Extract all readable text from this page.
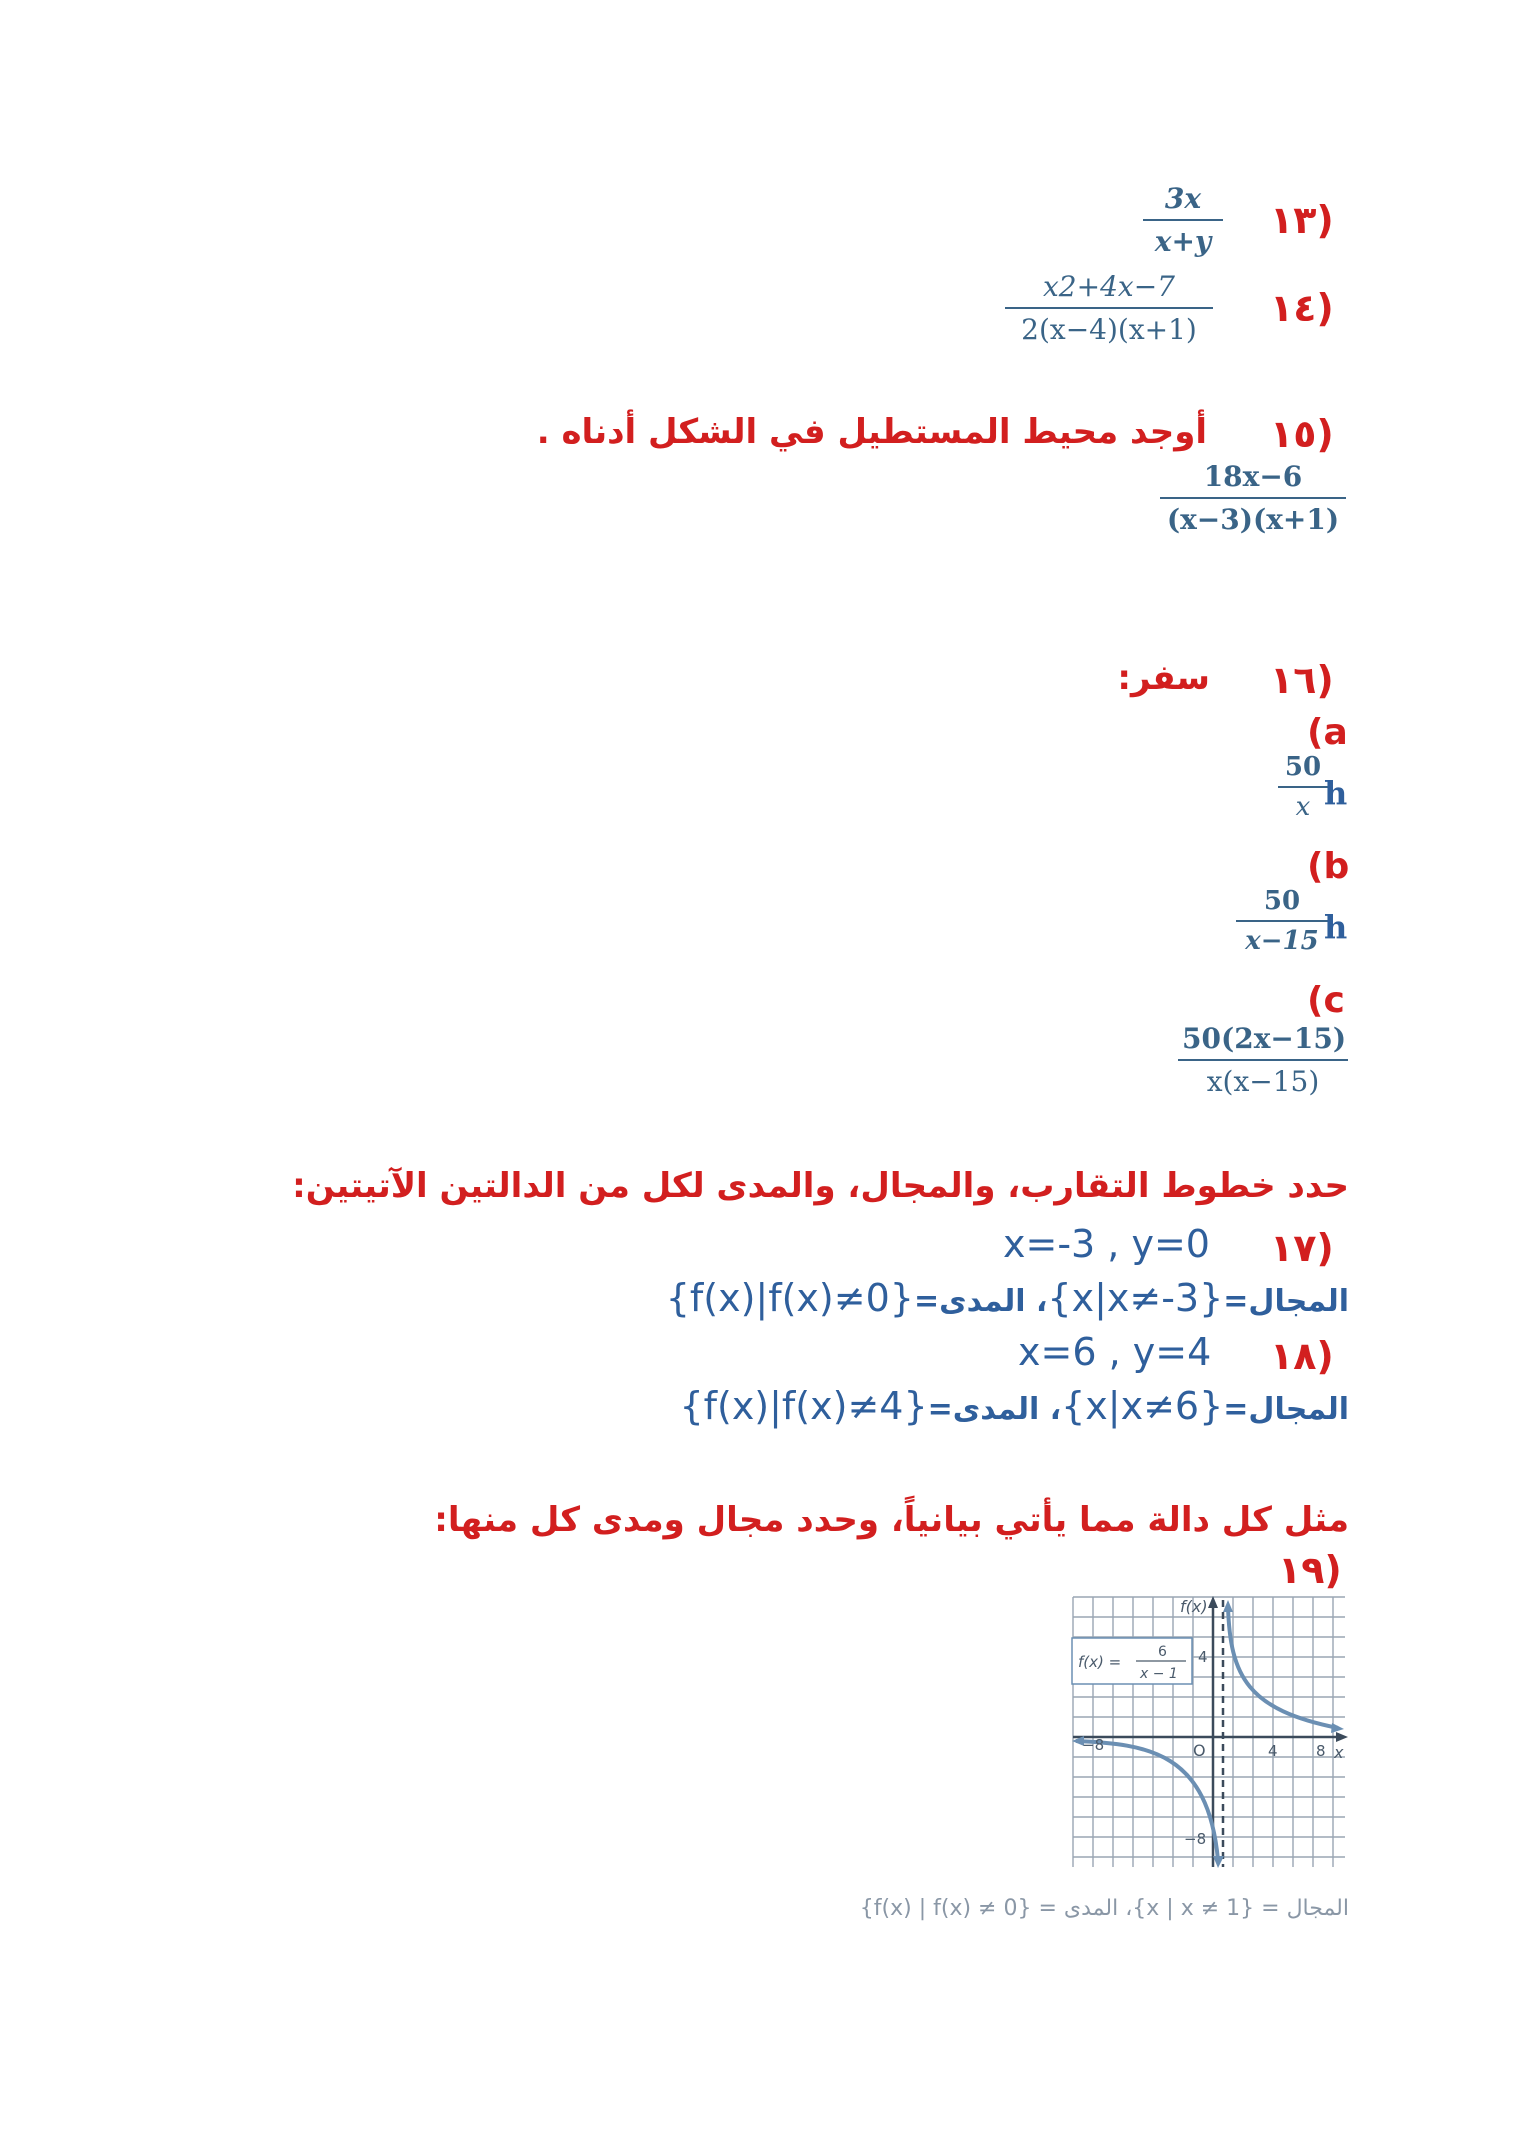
(١٣
$\frac{3x}{x+y}$
(١٤
$\frac{x2+4x-7}{2(x-4)(x+1)}$
(١٥
أوجد محيط المستطيل في الشكل أدناه .
$\frac{18x-6}{(x-3)(x+1)}$
(١٦
سفر:
(a
$\frac{50}{x}$
h
(b
$\frac{50}{x-15}$
h
(c
$\frac{50(2x-15)}{x(x-15)}$
حدد خطوط التقارب، والمجال، والمدى لكل من الدالتين الآتيتين:
(١٧
x=-3 , y=0
المجال={x|x≠-3}، المدى={f(x)|f(x)≠0}
(١٨
x=6 , y=4
المجال={x|x≠6}، المدى={f(x)|f(x)≠4}
مثل كل دالة مما يأتي بيانياً، وحدد مجال ومدى كل منها:
(١٩
f(x) =
6
x − 1
f(x)
x
O	4	8
−8
4
−8
المجال = {x | x ≠ 1}، المدى = {f(x) | f(x) ≠ 0}
